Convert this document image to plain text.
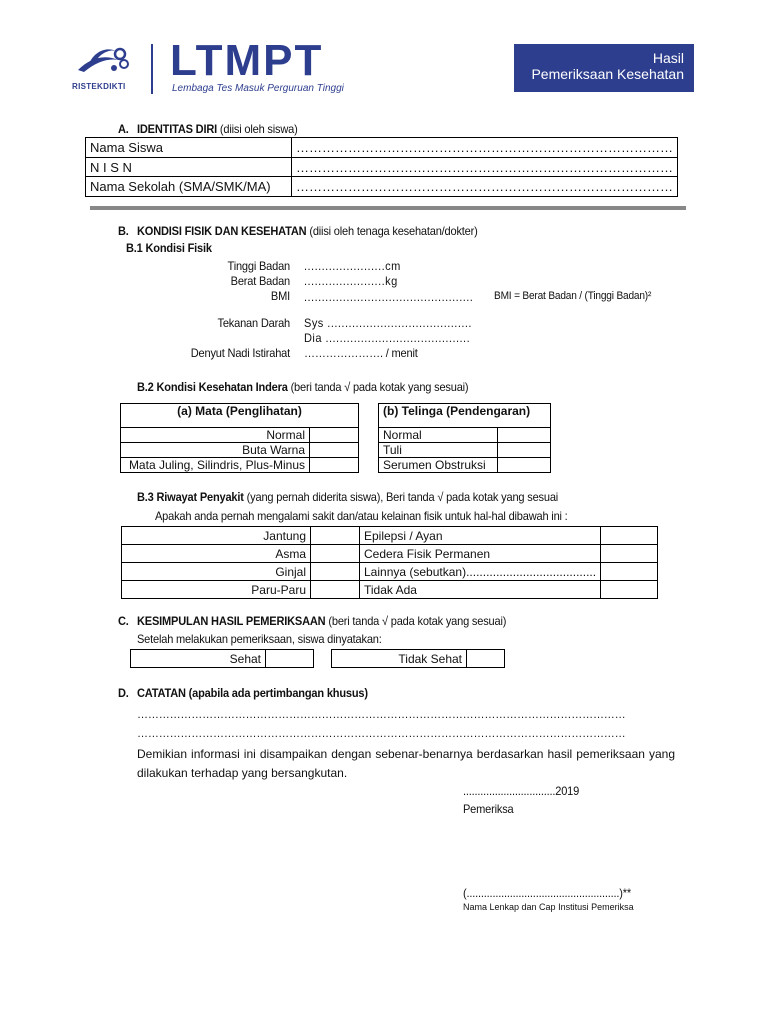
RISTEKDIKTI
LTMPT
Lembaga Tes Masuk Perguruan Tinggi
Hasil
Pemeriksaan Kesehatan
A. IDENTITAS DIRI (diisi oleh siswa)
Nama Siswa	……………………………………………………………………………
N I S N	……………………………………………………………………………
Nama Sekolah (SMA/SMK/MA)	……………………………………………………………………………
B. KONDISI FISIK DAN KESEHATAN (diisi oleh tenaga kesehatan/dokter)
B.1 Kondisi Fisik
Tinggi Badan .......................cm
Berat Badan .......................kg
BMI ................................................ BMI = Berat Badan / (Tinggi Badan)²
Tekanan Darah Sys .........................................
Dia .........................................
Denyut Nadi Istirahat …………………. / menit
B.2 Kondisi Kesehatan Indera (beri tanda √ pada kotak yang sesuai)
(a) Mata (Penglihatan)	
Normal	
Buta Warna	
Mata Juling, Silindris, Plus-Minus	
(b) Telinga (Pendengaran)	
Normal	
Tuli	
Serumen Obstruksi	
B.3 Riwayat Penyakit (yang pernah diderita siswa), Beri tanda √ pada kotak yang sesuai
Apakah anda pernah mengalami sakit dan/atau kelainan fisik untuk hal-hal dibawah ini :
Jantung		Epilepsi / Ayan	
Asma		Cedera Fisik Permanen	
Ginjal		Lainnya (sebutkan).......................................	
Paru-Paru		Tidak Ada	
C. KESIMPULAN HASIL PEMERIKSAAN (beri tanda √ pada kotak yang sesuai)
Setelah melakukan pemeriksaan, siswa dinyatakan:
Sehat		Tidak Sehat	
D. CATATAN (apabila ada pertimbangan khusus)
………………………………………………………………………………………………………………………
………………………………………………………………………………………………………………………
Demikian informasi ini disampaikan dengan sebenar-benarnya berdasarkan hasil pemeriksaan yang dilakukan terhadap yang bersangkutan.
................................2019
Pemeriksa
(.....................................................)**
Nama Lenkap dan Cap Institusi Pemeriksa
